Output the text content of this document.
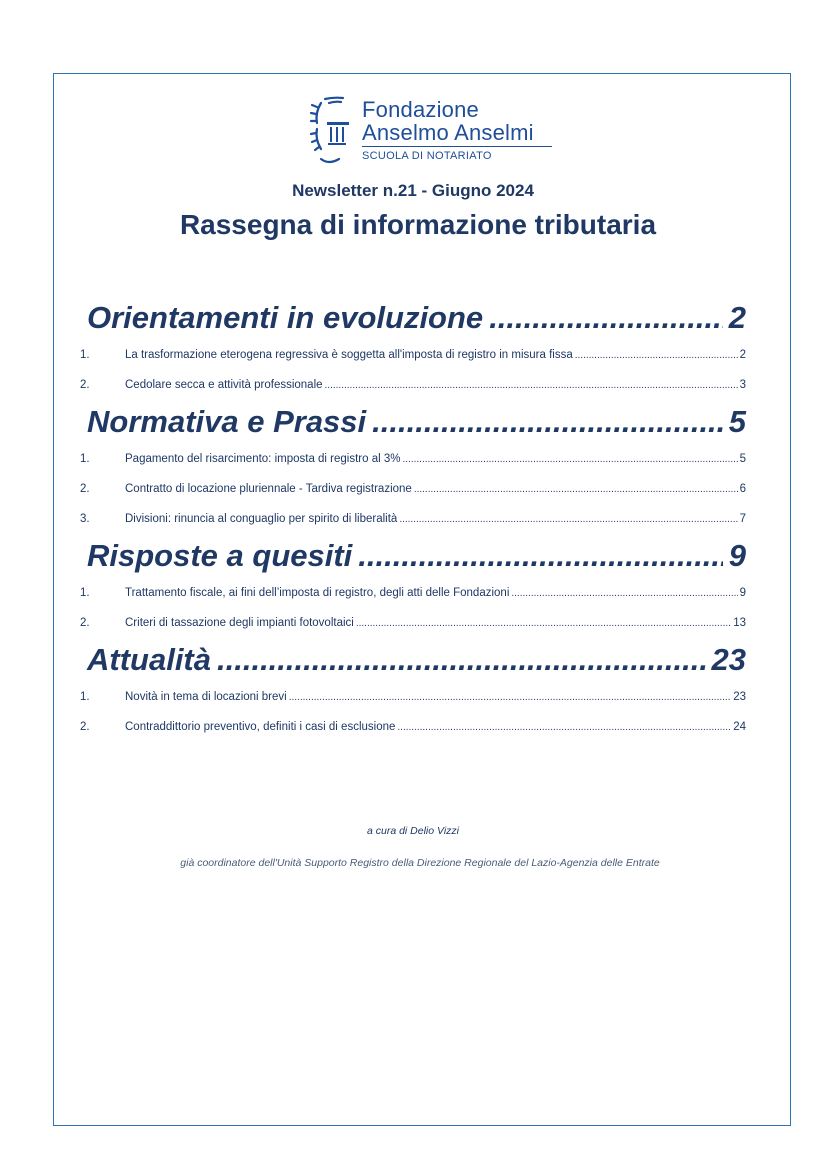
Fondazione
Anselmo Anselmi
SCUOLA DI NOTARIATO
Newsletter n.21 - Giugno 2024
Rassegna di informazione tributaria
Orientamenti in evoluzione .....	2
1.	La trasformazione eterogena regressiva è soggetta all'imposta di registro in misura fissa .....	2
2.	Cedolare secca e attività professionale .....	3
Normativa e Prassi .....	5
1.	Pagamento del risarcimento: imposta di registro al 3% .....	5
2.	Contratto di locazione pluriennale - Tardiva registrazione .....	6
3.	Divisioni: rinuncia al conguaglio per spirito di liberalità .....	7
Risposte a quesiti .....	9
1.	Trattamento fiscale, ai fini dell’imposta di registro, degli atti delle Fondazioni .....	9
2.	Criteri di tassazione degli impianti fotovoltaici .....	13
Attualità .....	23
1.	Novità in tema di locazioni brevi .....	23
2.	Contraddittorio preventivo, definiti i casi di esclusione .....	24
a cura di Delio Vizzi
già coordinatore dell'Unità Supporto Registro della Direzione Regionale del Lazio-Agenzia delle Entrate
